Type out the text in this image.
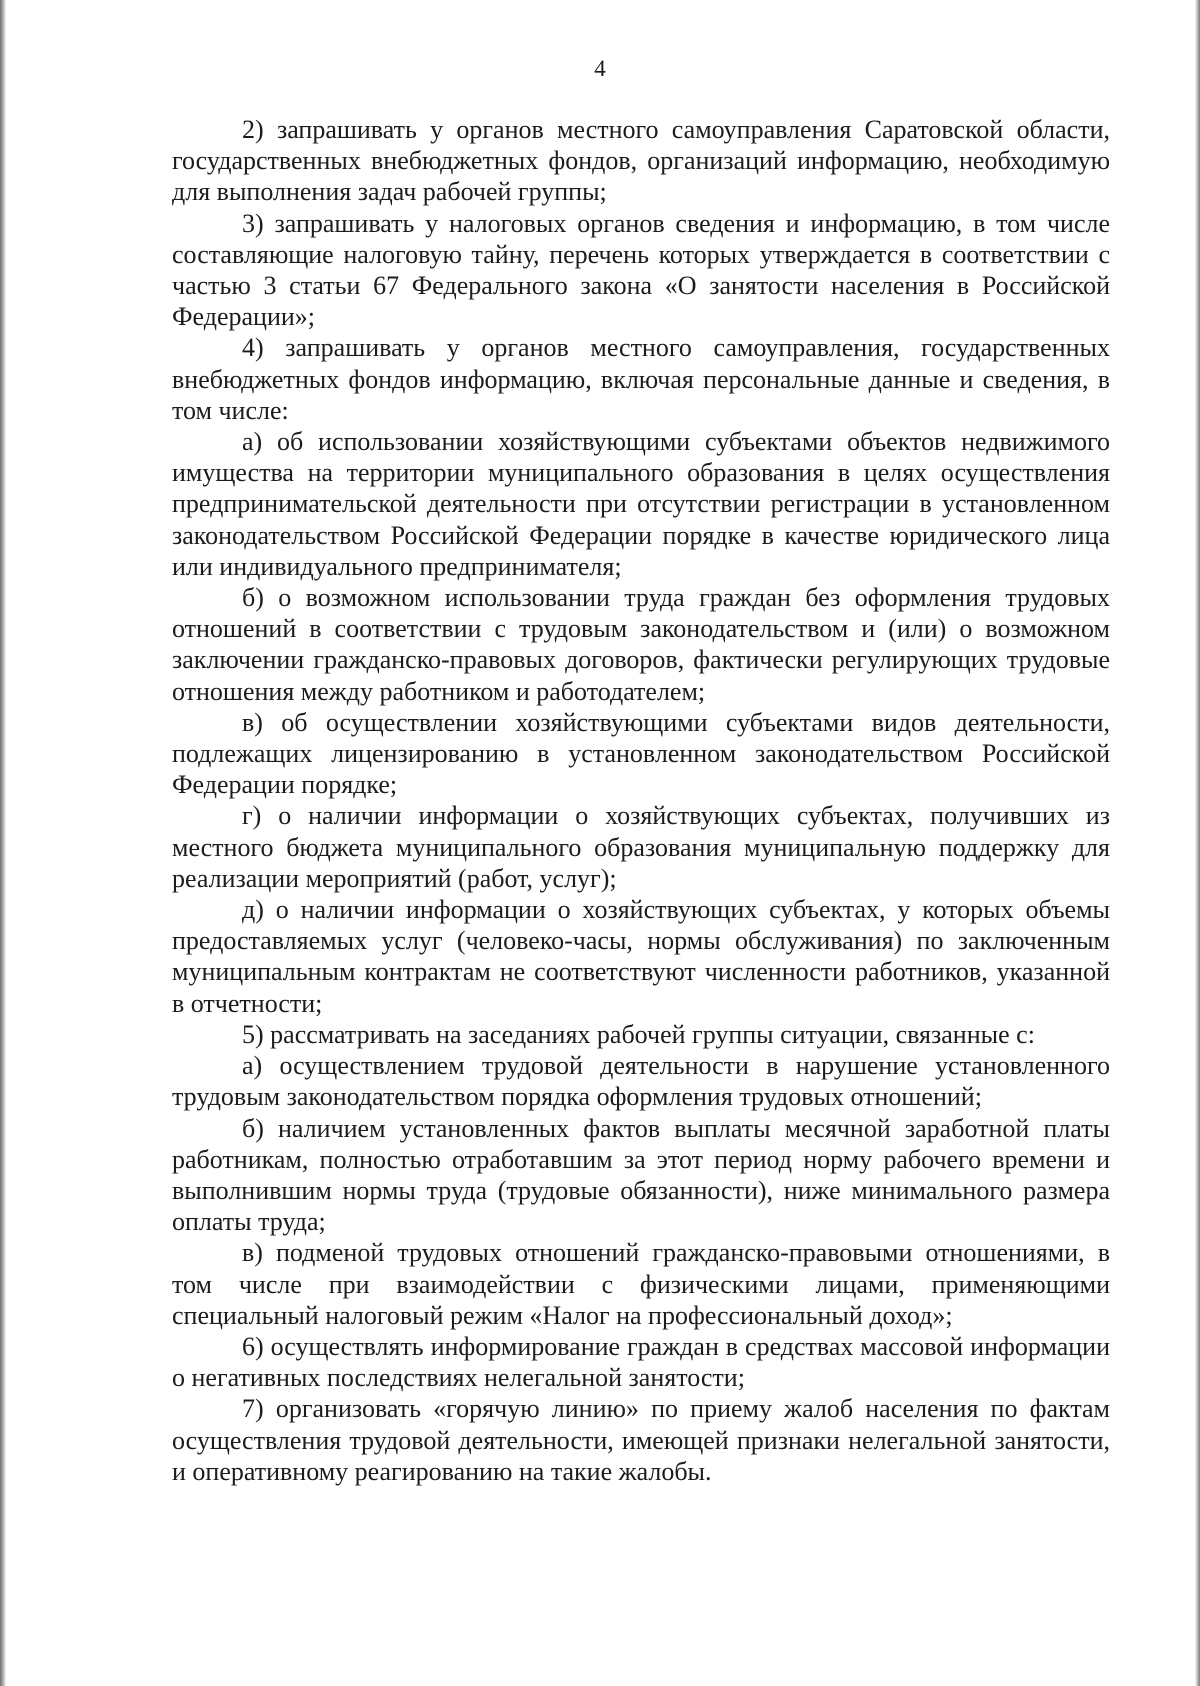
4

2) запрашивать у органов местного самоуправления Саратовской области, государственных внебюджетных фондов, организаций информацию, необходимую для выполнения задач рабочей группы;

3) запрашивать у налоговых органов сведения и информацию, в том числе составляющие налоговую тайну, перечень которых утверждается в соответствии с частью 3 статьи 67 Федерального закона «О занятости населения в Российской Федерации»;

4) запрашивать у органов местного самоуправления, государственных внебюджетных фондов информацию, включая персональные данные и сведения, в том числе:

а) об использовании хозяйствующими субъектами объектов недвижимого имущества на территории муниципального образования в целях осуществления предпринимательской деятельности при отсутствии регистрации в установленном законодательством Российской Федерации порядке в качестве юридического лица или индивидуального предпринимателя;

б) о возможном использовании труда граждан без оформления трудовых отношений в соответствии с трудовым законодательством и (или) о возможном заключении гражданско-правовых договоров, фактически регулирующих трудовые отношения между работником и работодателем;

в) об осуществлении хозяйствующими субъектами видов деятельности, подлежащих лицензированию в установленном законодательством Российской Федерации порядке;

г) о наличии информации о хозяйствующих субъектах, получивших из местного бюджета муниципального образования муниципальную поддержку для реализации мероприятий (работ, услуг);

д) о наличии информации о хозяйствующих субъектах, у которых объемы предоставляемых услуг (человеко-часы, нормы обслуживания) по заключенным муниципальным контрактам не соответствуют численности работников, указанной в отчетности;

5) рассматривать на заседаниях рабочей группы ситуации, связанные с:

а) осуществлением трудовой деятельности в нарушение установленного трудовым законодательством порядка оформления трудовых отношений;

б) наличием установленных фактов выплаты месячной заработной платы работникам, полностью отработавшим за этот период норму рабочего времени и выполнившим нормы труда (трудовые обязанности), ниже минимального размера оплаты труда;

в) подменой трудовых отношений гражданско-правовыми отношениями, в том числе при взаимодействии с физическими лицами, применяющими специальный налоговый режим «Налог на профессиональный доход»;

6) осуществлять информирование граждан в средствах массовой информации о негативных последствиях нелегальной занятости;

7) организовать «горячую линию» по приему жалоб населения по фактам осуществления трудовой деятельности, имеющей признаки нелегальной занятости, и оперативному реагированию на такие жалобы.
